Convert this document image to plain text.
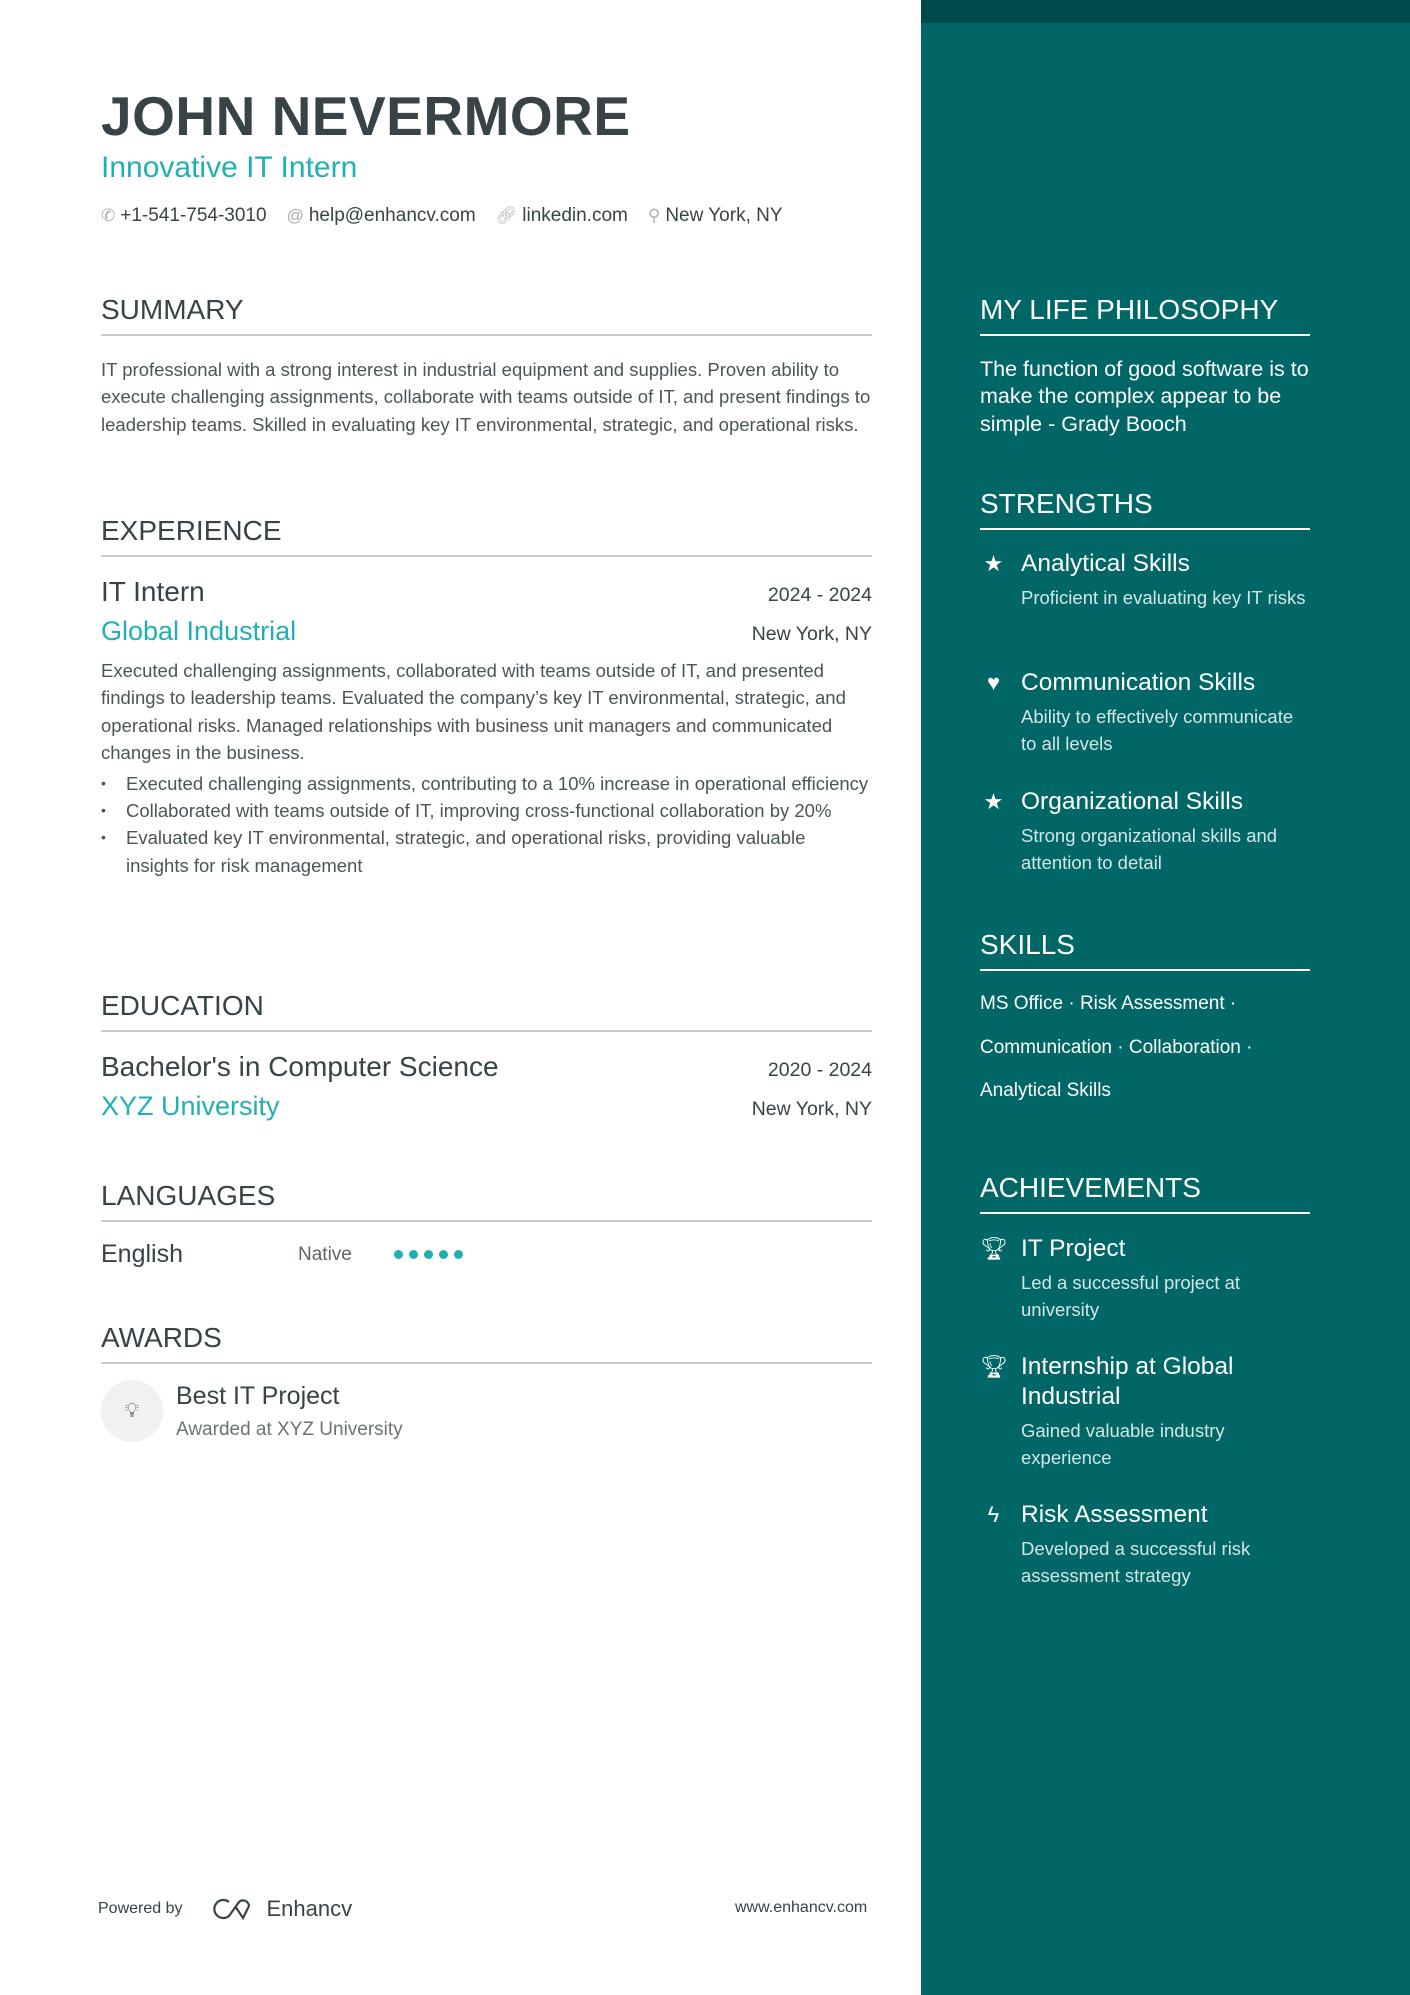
JOHN NEVERMORE
Innovative IT Intern
✆ +1-541-754-3010 @ help@enhancv.com 🔗︎ linkedin.com ⚲ New York, NY
SUMMARY
IT professional with a strong interest in industrial equipment and supplies. Proven ability to execute challenging assignments, collaborate with teams outside of IT, and present findings to leadership teams. Skilled in evaluating key IT environmental, strategic, and operational risks.
EXPERIENCE
IT Intern	2024 - 2024
Global Industrial	New York, NY
Executed challenging assignments, collaborated with teams outside of IT, and presented findings to leadership teams. Evaluated the company’s key IT environmental, strategic, and operational risks. Managed relationships with business unit managers and communicated changes in the business.
• Executed challenging assignments, contributing to a 10% increase in operational efficiency
• Collaborated with teams outside of IT, improving cross-functional collaboration by 20%
• Evaluated key IT environmental, strategic, and operational risks, providing valuable insights for risk management
EDUCATION
Bachelor's in Computer Science	2020 - 2024
XYZ University	New York, NY
LANGUAGES
English	Native
AWARDS
💡︎
Best IT Project
Awarded at XYZ University
Powered by	Enhancv	www.enhancv.com
MY LIFE PHILOSOPHY
The function of good software is to make the complex appear to be simple - Grady Booch
STRENGTHS
★ Analytical Skills
Proficient in evaluating key IT risks
♥ Communication Skills
Ability to effectively communicate to all levels
★ Organizational Skills
Strong organizational skills and attention to detail
SKILLS
MS Office · Risk Assessment · Communication · Collaboration · Analytical Skills
ACHIEVEMENTS
🏆︎ IT Project
Led a successful project at university
🏆︎ Internship at Global Industrial
Gained valuable industry experience
ϟ Risk Assessment
Developed a successful risk assessment strategy
